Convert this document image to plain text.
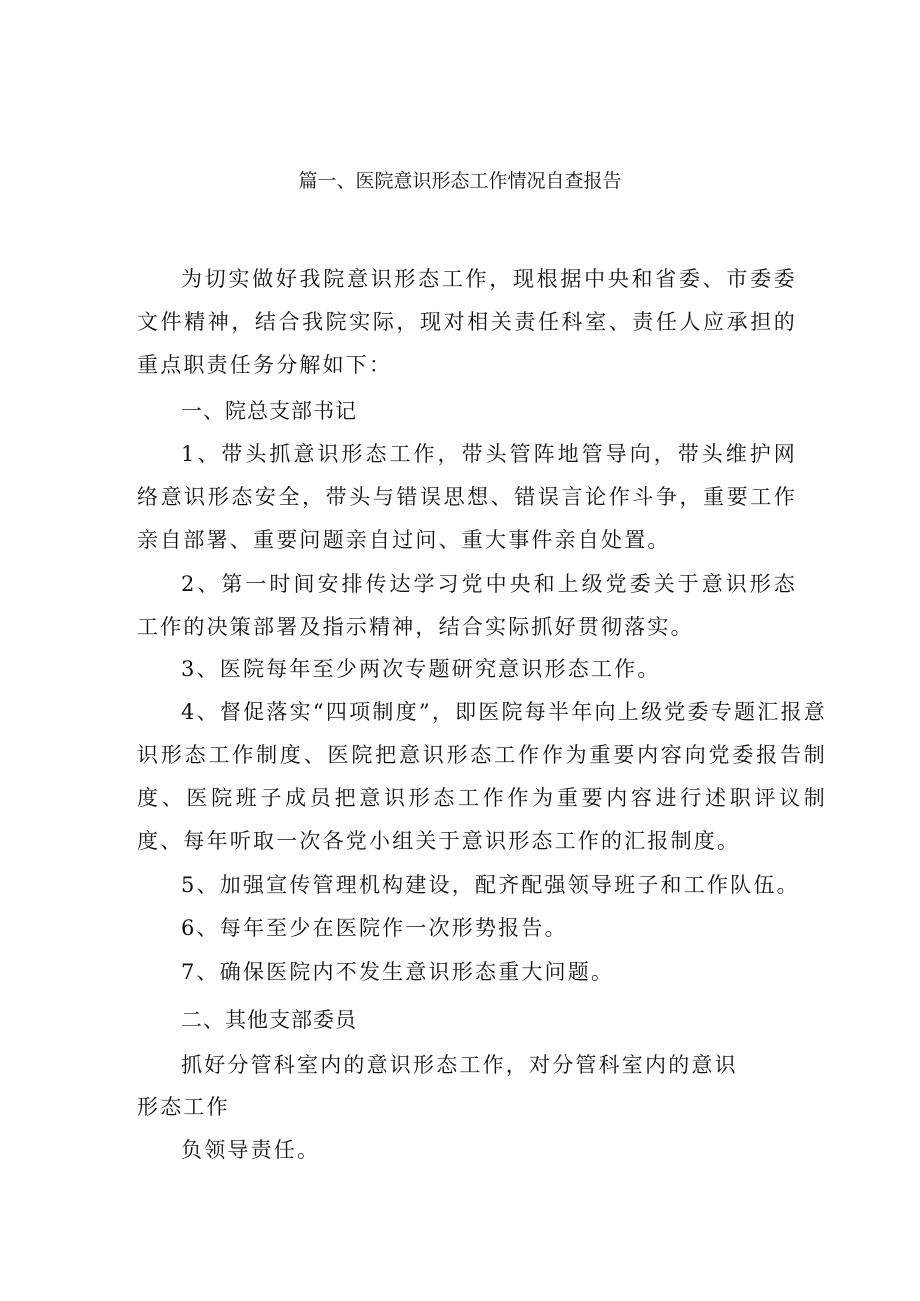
篇一、医院意识形态工作情况自查报告
为切实做好我院意识形态工作，现根据中央和省委、市委委文件精神，结合我院实际，现对相关责任科室、责任人应承担的重点职责任务分解如下：
一、院总支部书记
1、带头抓意识形态工作，带头管阵地管导向，带头维护网络意识形态安全，带头与错误思想、错误言论作斗争，重要工作亲自部署、重要问题亲自过问、重大事件亲自处置。
2、第一时间安排传达学习党中央和上级党委关于意识形态工作的决策部署及指示精神，结合实际抓好贯彻落实。
3、医院每年至少两次专题研究意识形态工作。
4、督促落实“四项制度”，即医院每半年向上级党委专题汇报意识形态工作制度、医院把意识形态工作作为重要内容向党委报告制度、医院班子成员把意识形态工作作为重要内容进行述职评议制度、每年听取一次各党小组关于意识形态工作的汇报制度。
5、加强宣传管理机构建设，配齐配强领导班子和工作队伍。
6、每年至少在医院作一次形势报告。
7、确保医院内不发生意识形态重大问题。
二、其他支部委员
抓好分管科室内的意识形态工作，对分管科室内的意识
形态工作
负领导责任。
